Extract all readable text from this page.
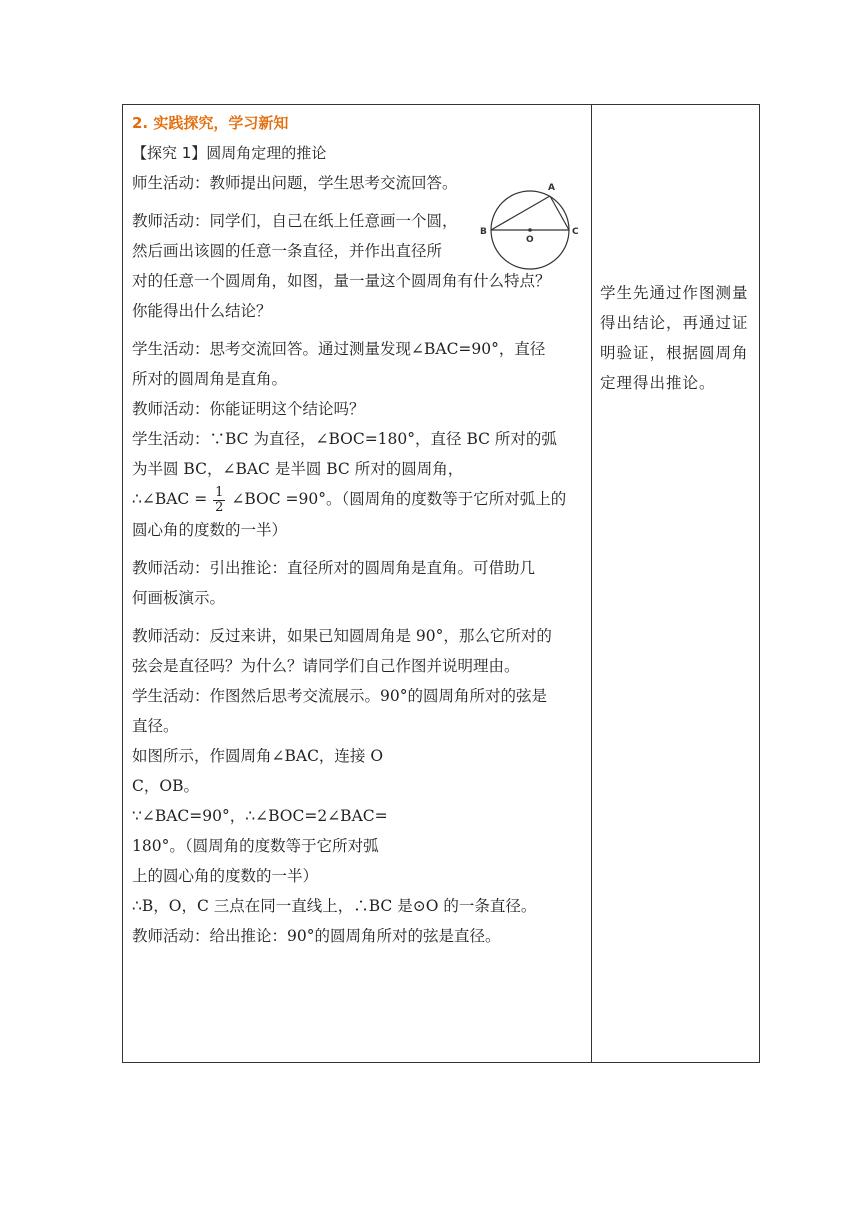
2. 实践探究，学习新知
【探究 1】圆周角定理的推论
师生活动：教师提出问题，学生思考交流回答。
教师活动：同学们，自己在纸上任意画一个圆，
然后画出该圆的任意一条直径，并作出直径所
对的任意一个圆周角，如图，量一量这个圆周角有什么特点？
你能得出什么结论？
学生活动：思考交流回答。通过测量发现∠BAC=90°，直径
所对的圆周角是直角。
教师活动：你能证明这个结论吗？
学生活动：∵BC 为直径，∠BOC=180°，直径 BC 所对的弧
为半圆 BC，∠BAC 是半圆 BC 所对的圆周角，
∴∠BAC = $\frac{1}{2}$ ∠BOC =90°。（圆周角的度数等于它所对弧上的
圆心角的度数的一半）
教师活动：引出推论：直径所对的圆周角是直角。可借助几
何画板演示。
教师活动：反过来讲，如果已知圆周角是 90°，那么它所对的
弦会是直径吗？为什么？请同学们自己作图并说明理由。
学生活动：作图然后思考交流展示。90°的圆周角所对的弦是
直径。
如图所示，作圆周角∠BAC，连接 O
C，OB。
∵∠BAC=90°，∴∠BOC=2∠BAC=
180°。（圆周角的度数等于它所对弧
上的圆心角的度数的一半）
∴B，O，C 三点在同一直线上，∴BC 是⊙O 的一条直径。
教师活动：给出推论：90°的圆周角所对的弦是直径。
A
B	C
O
学生先通过作图测量得出结论，再通过证明验证，根据圆周角定理得出推论。
